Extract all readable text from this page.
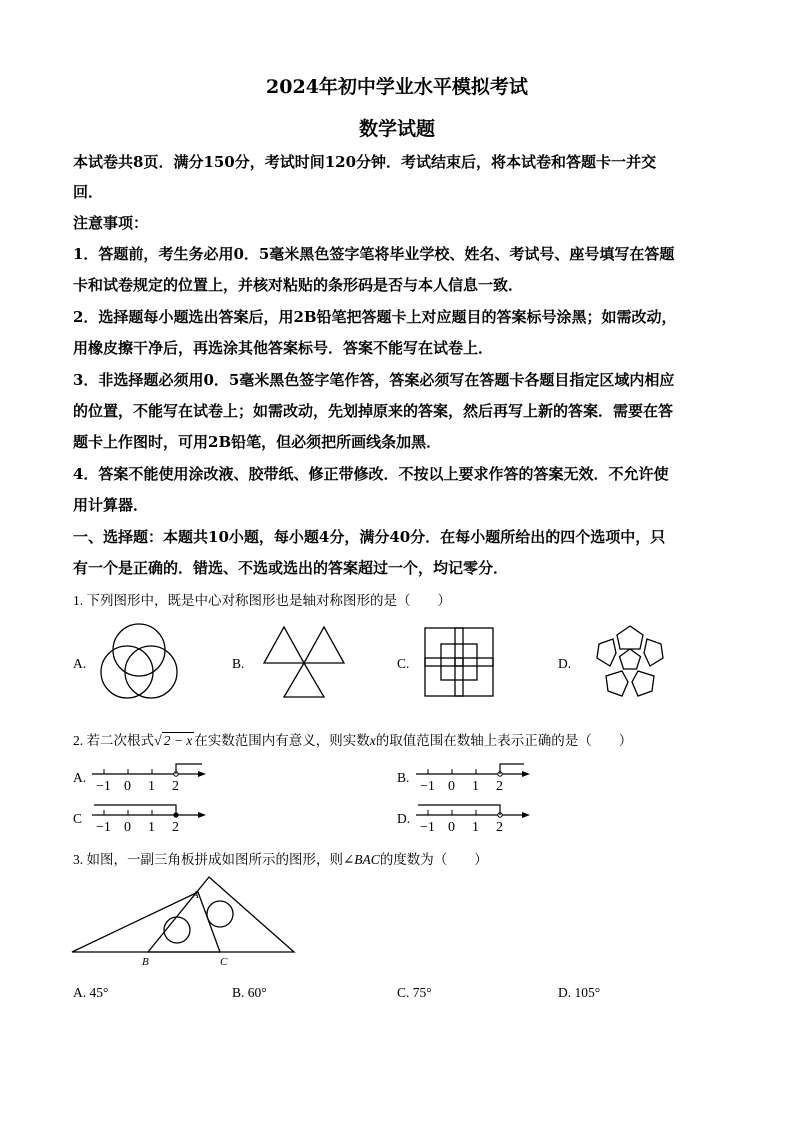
2024年初中学业水平模拟考试
数学试题
本试卷共8页．满分150分，考试时间120分钟．考试结束后，将本试卷和答题卡一并交
回．
注意事项：
1．答题前，考生务必用0．5毫米黑色签字笔将毕业学校、姓名、考试号、座号填写在答题
卡和试卷规定的位置上，并核对粘贴的条形码是否与本人信息一致．
2．选择题每小题选出答案后，用2B铅笔把答题卡上对应题目的答案标号涂黑；如需改动，
用橡皮擦干净后，再选涂其他答案标号．答案不能写在试卷上．
3．非选择题必须用0．5毫米黑色签字笔作答，答案必须写在答题卡各题目指定区域内相应
的位置，不能写在试卷上；如需改动，先划掉原来的答案，然后再写上新的答案．需要在答
题卡上作图时，可用2B铅笔，但必须把所画线条加黑．
4．答案不能使用涂改液、胶带纸、修正带修改．不按以上要求作答的答案无效．不允许使
用计算器．
一、选择题：本题共10小题，每小题4分，满分40分．在每小题所给出的四个选项中，只
有一个是正确的．错选、不选或选出的答案超过一个，均记零分．
1. 下列图形中，既是中心对称图形也是轴对称图形的是（　　）
A.	B.	C.	D.
2. 若二次根式√ 2 − x 在实数范围内有意义，则实数x的取值范围在数轴上表示正确的是（　　）
A.
−1 0 1 2
B.
−1 0 1 2
C
−1 0 1 2
D.
−1 0 1 2
3. 如图，一副三角板拼成如图所示的图形，则∠BAC的度数为（　　）
A
B	C
A. 45°	B. 60°	C. 75°	D. 105°
